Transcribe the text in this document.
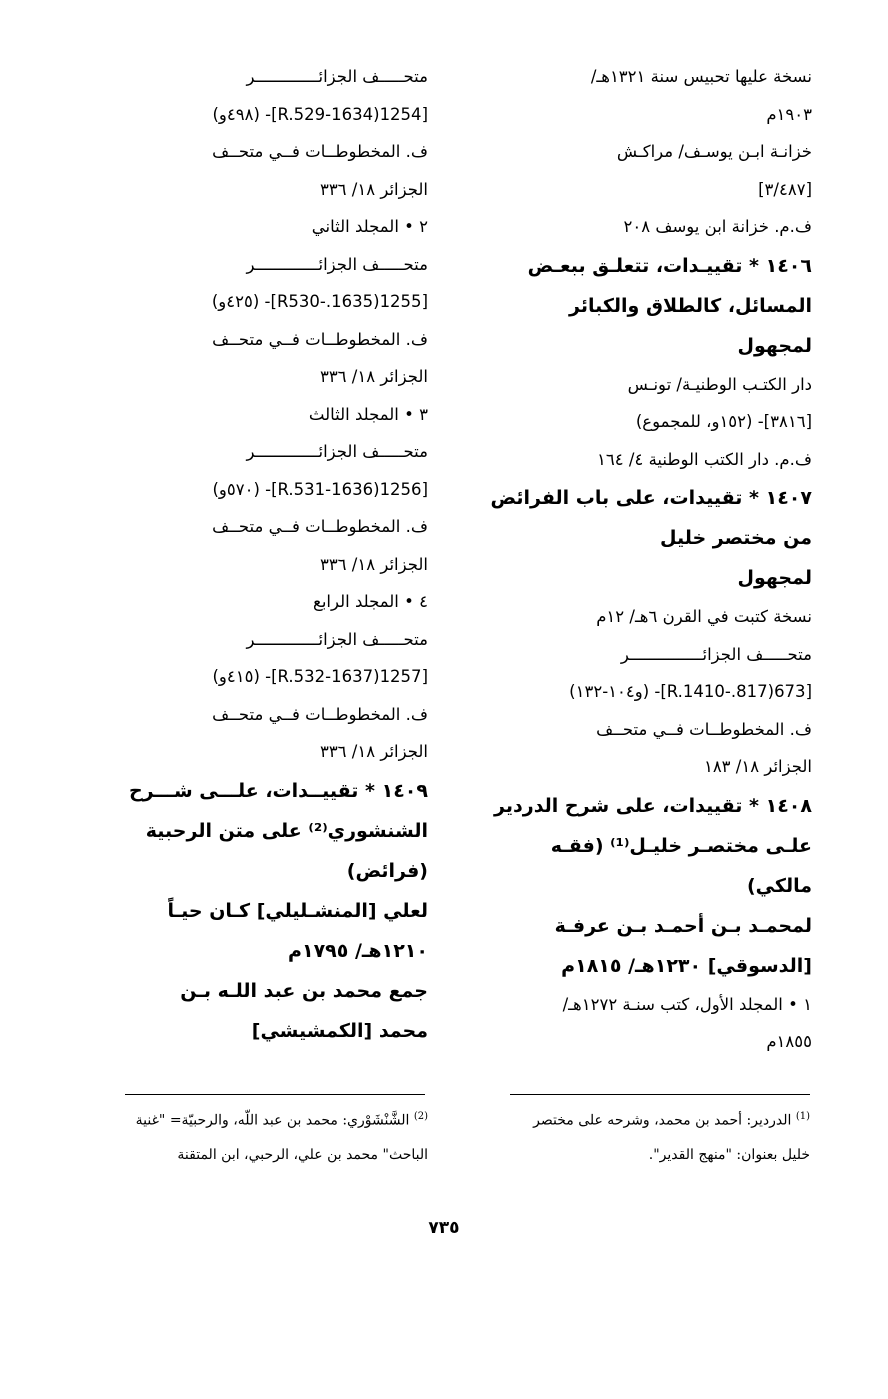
نسخة عليها تحبيس سنة ١٣٢١هـ/
١٩٠٣م
خزانـة ابـن يوسـف/ مراكـش
[٣/٤٨٧]
ف.م. خزانة ابن يوسف ٢٠٨
١٤٠٦ * تقييـدات، تتعلـق ببعـض
المسائل، كالطلاق والكبائر
لمجهول
دار الكتـب الوطنيـة/ تونـس
[٣٨١٦]- (١٥٢و، للمجموع)
ف.م. دار الكتب الوطنية ٤/ ١٦٤
١٤٠٧ * تقييدات، على باب الفرائض
من مختصر خليل
لمجهول
نسخة كتبت في القرن ٦هـ/ ١٢م
متحـــــف الجزائـــــــــــــــر
[673(817.-R.1410]- (و١٠٤-١٣٢)
ف. المخطوطــات فــي متحــف
الجزائر ١٨/ ١٨٣
١٤٠٨ * تقييدات، على شرح الدردير
علـى مختصـر خليـل⁽¹⁾ (فقـه
مالكي)
لمحمـد بـن أحمـد بـن عرفـة
[الدسوقي] ١٢٣٠هـ/ ١٨١٥م
١ • المجلد الأول، كتب سنـة ١٢٧٢هـ/
١٨٥٥م
متحـــــف الجزائـــــــــــــر
[1254(1634-R.529]- (٤٩٨و)
ف. المخطوطــات فــي متحــف
الجزائر ١٨/ ٣٣٦
٢ • المجلد الثاني
متحـــــف الجزائـــــــــــــر
[1255(1635.-R530]- (٤٢٥و)
ف. المخطوطــات فــي متحــف
الجزائر ١٨/ ٣٣٦
٣ • المجلد الثالث
متحـــــف الجزائـــــــــــــر
[1256(1636-R.531]- (٥٧٠و)
ف. المخطوطــات فــي متحــف
الجزائر ١٨/ ٣٣٦
٤ • المجلد الرابع
متحـــــف الجزائـــــــــــــر
[1257(1637-R.532]- (٤١٥و)
ف. المخطوطــات فــي متحــف
الجزائر ١٨/ ٣٣٦
١٤٠٩ * تقييــدات، علـــى شـــرح
الشنشوري⁽²⁾ على متن الرحبية
(فرائض)
لعلي [المنشـليلي] كـان حيـاً
١٢١٠هـ/ ١٧٩٥م
جمع محمد بن عبد اللـه بـن
محمد [الكمشيشي]

$^{(1)}$ الدردير: أحمد بن محمد، وشرحه على مختصر

خليل بعنوان: "منهج القدير".

$^{(2)}$ الشَّنْشَوْري: محمد بن عبد اللّه، والرحبيّة= "غنية

الباحث" محمد بن علي، الرحبي، ابن المتقنة

٧٣٥
